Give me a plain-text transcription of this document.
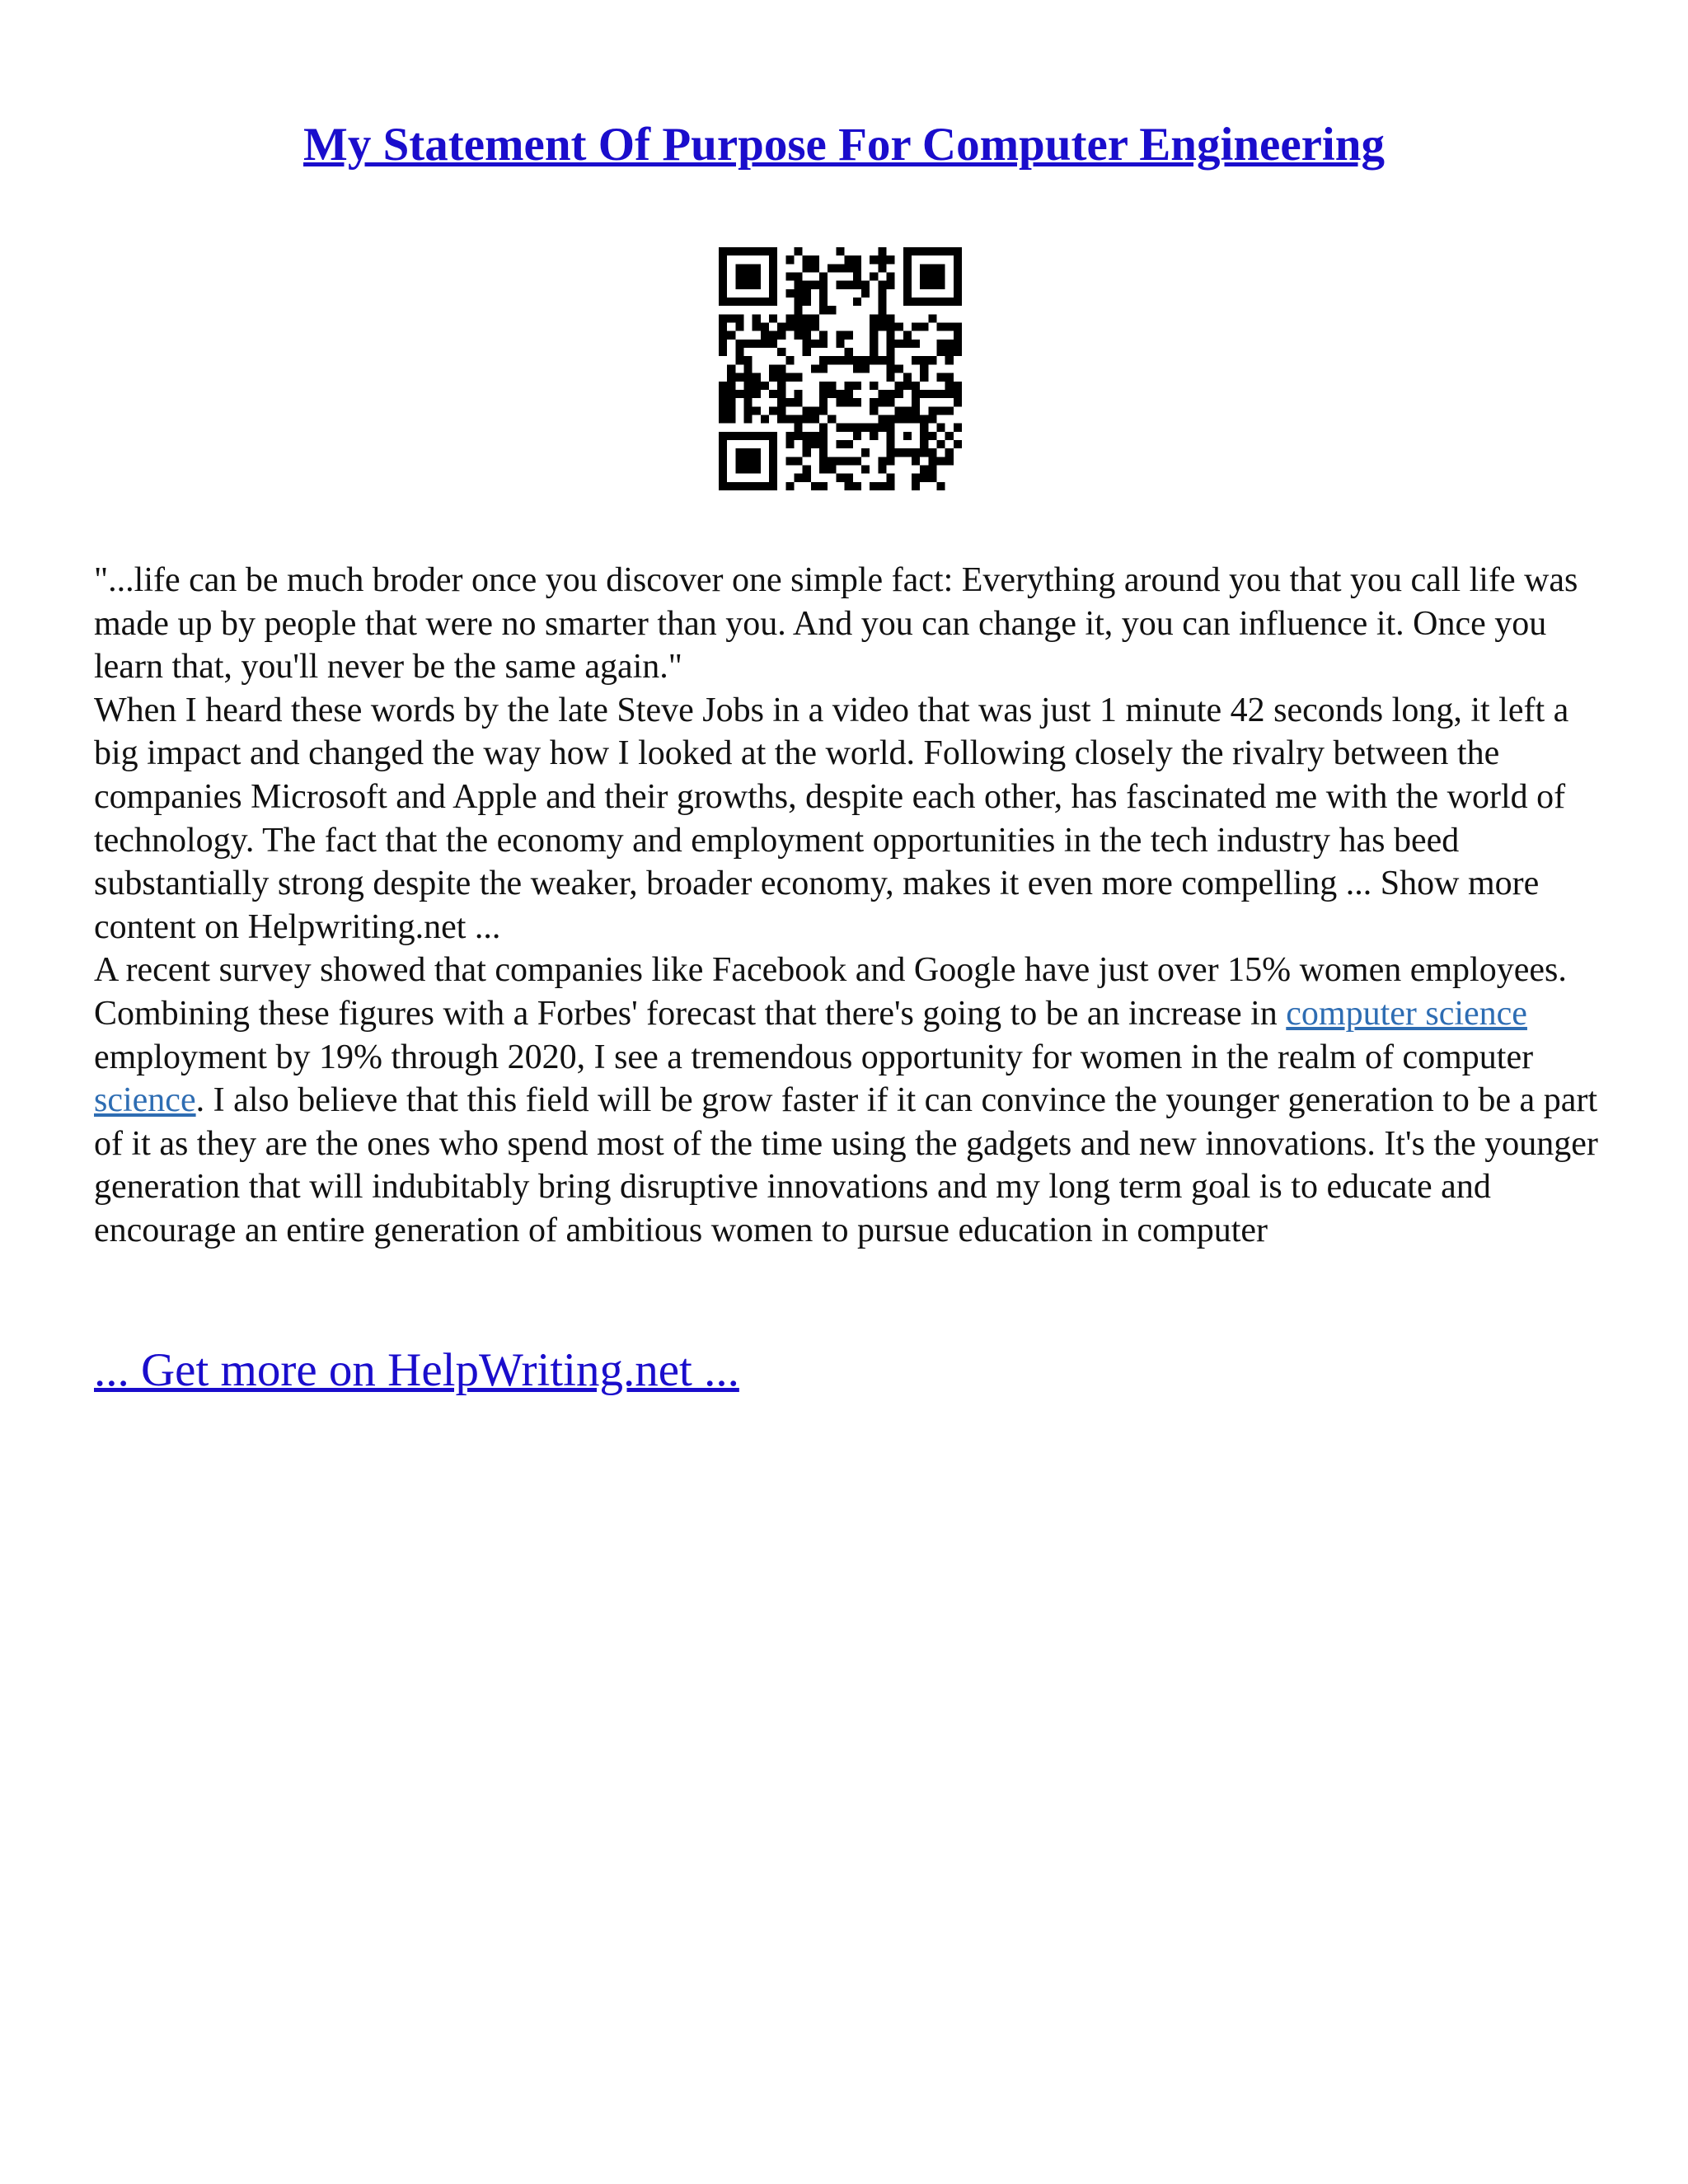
My Statement Of Purpose For Computer Engineering

"...life can be much broder once you discover one simple fact: Everything around you that you call life was made up by people that were no smarter than you. And you can change it, you can influence it. Once you learn that, you'll never be the same again."

When I heard these words by the late Steve Jobs in a video that was just 1 minute 42 seconds long, it left a big impact and changed the way how I looked at the world. Following closely the rivalry between the companies Microsoft and Apple and their growths, despite each other, has fascinated me with the world of technology. The fact that the economy and employment opportunities in the tech industry has beed substantially strong despite the weaker, broader economy, makes it even more compelling ... Show more content on Helpwriting.net ...

A recent survey showed that companies like Facebook and Google have just over 15% women employees. Combining these figures with a Forbes' forecast that there's going to be an increase in computer science employment by 19% through 2020, I see a tremendous opportunity for women in the realm of computer science. I also believe that this field will be grow faster if it can convince the younger generation to be a part of it as they are the ones who spend most of the time using the gadgets and new innovations. It's the younger generation that will indubitably bring disruptive innovations and my long term goal is to educate and encourage an entire generation of ambitious women to pursue education in computer

... Get more on HelpWriting.net ...
